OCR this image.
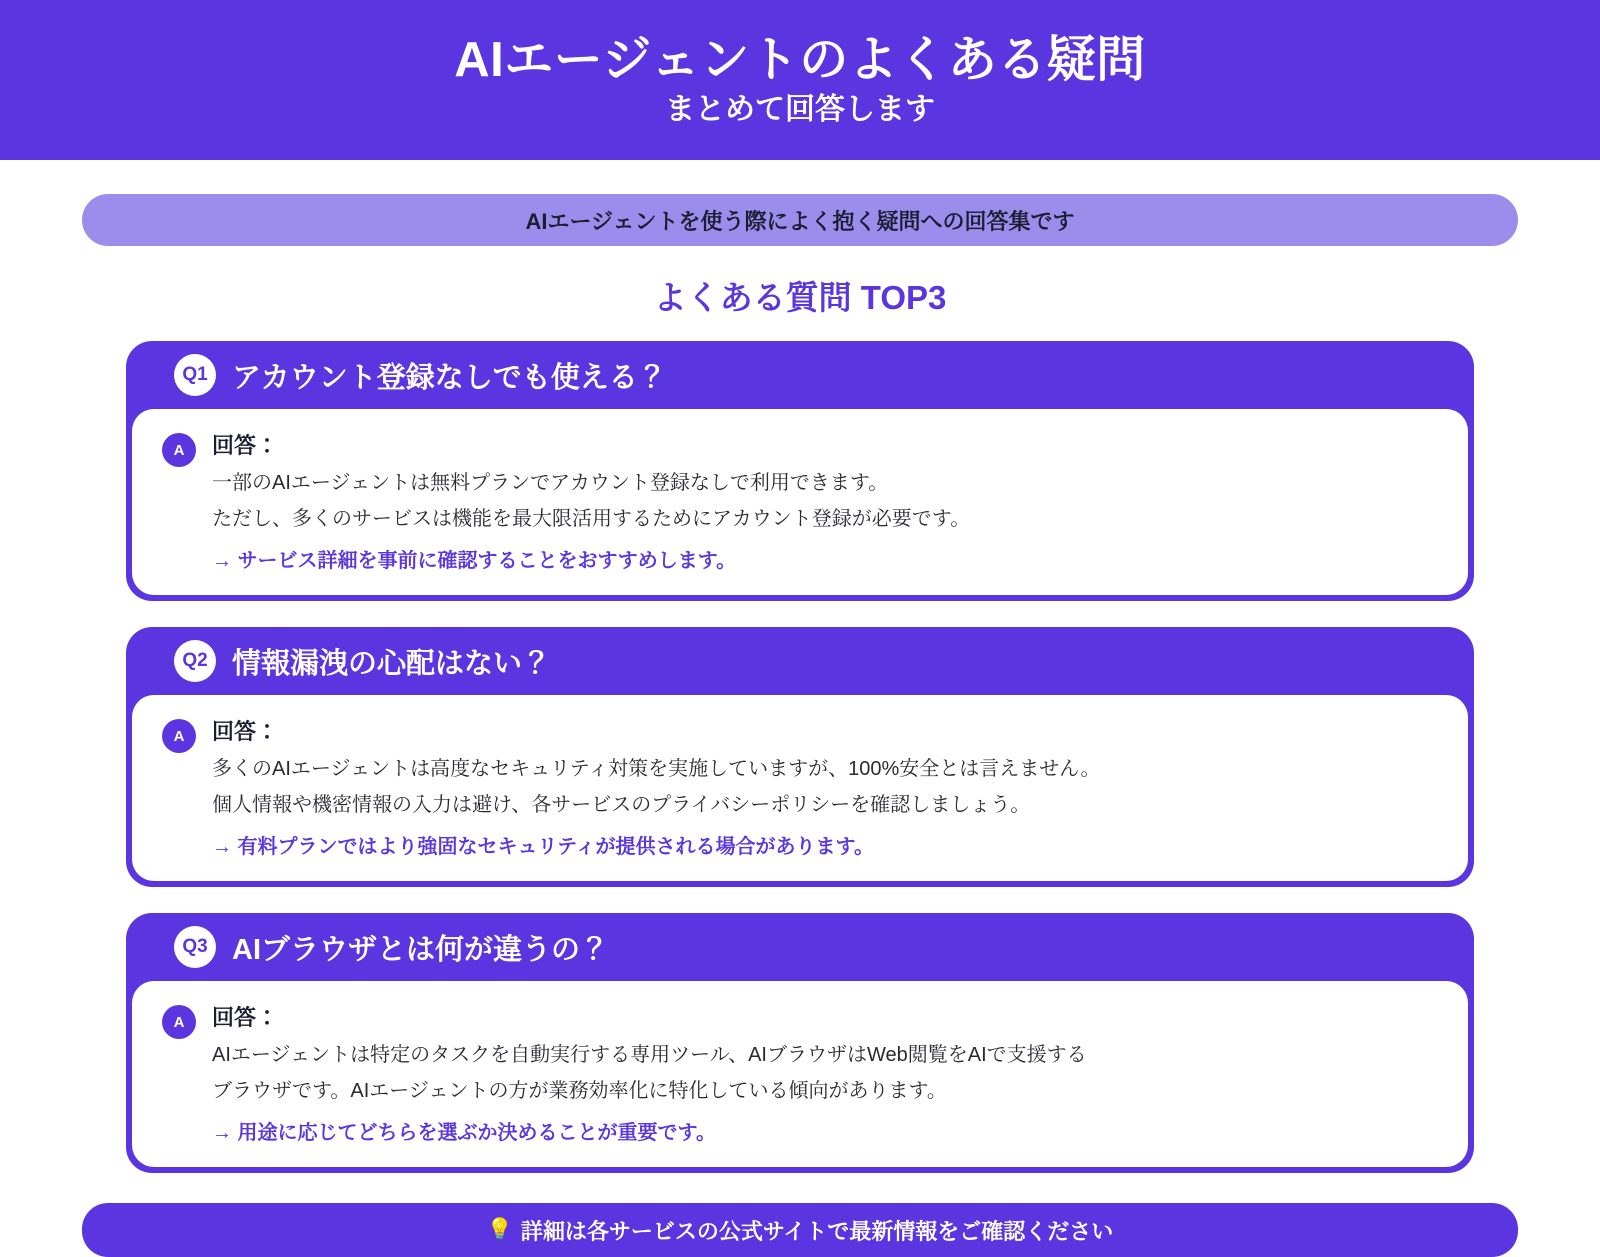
AIエージェントのよくある疑問
まとめて回答します
AIエージェントを使う際によく抱く疑問への回答集です
よくある質問 TOP3
Q1 アカウント登録なしでも使える？
A	回答：
一部のAIエージェントは無料プランでアカウント登録なしで利用できます。
ただし、多くのサービスは機能を最大限活用するためにアカウント登録が必要です。
→ サービス詳細を事前に確認することをおすすめします。
Q2 情報漏洩の心配はない？
A	回答：
多くのAIエージェントは高度なセキュリティ対策を実施していますが、100%安全とは言えません。
個人情報や機密情報の入力は避け、各サービスのプライバシーポリシーを確認しましょう。
→ 有料プランではより強固なセキュリティが提供される場合があります。
Q3 AIブラウザとは何が違うの？
A	回答：
AIエージェントは特定のタスクを自動実行する専用ツール、AIブラウザはWeb閲覧をAIで支援する
ブラウザです。AIエージェントの方が業務効率化に特化している傾向があります。
→ 用途に応じてどちらを選ぶか決めることが重要です。
💡 詳細は各サービスの公式サイトで最新情報をご確認ください
